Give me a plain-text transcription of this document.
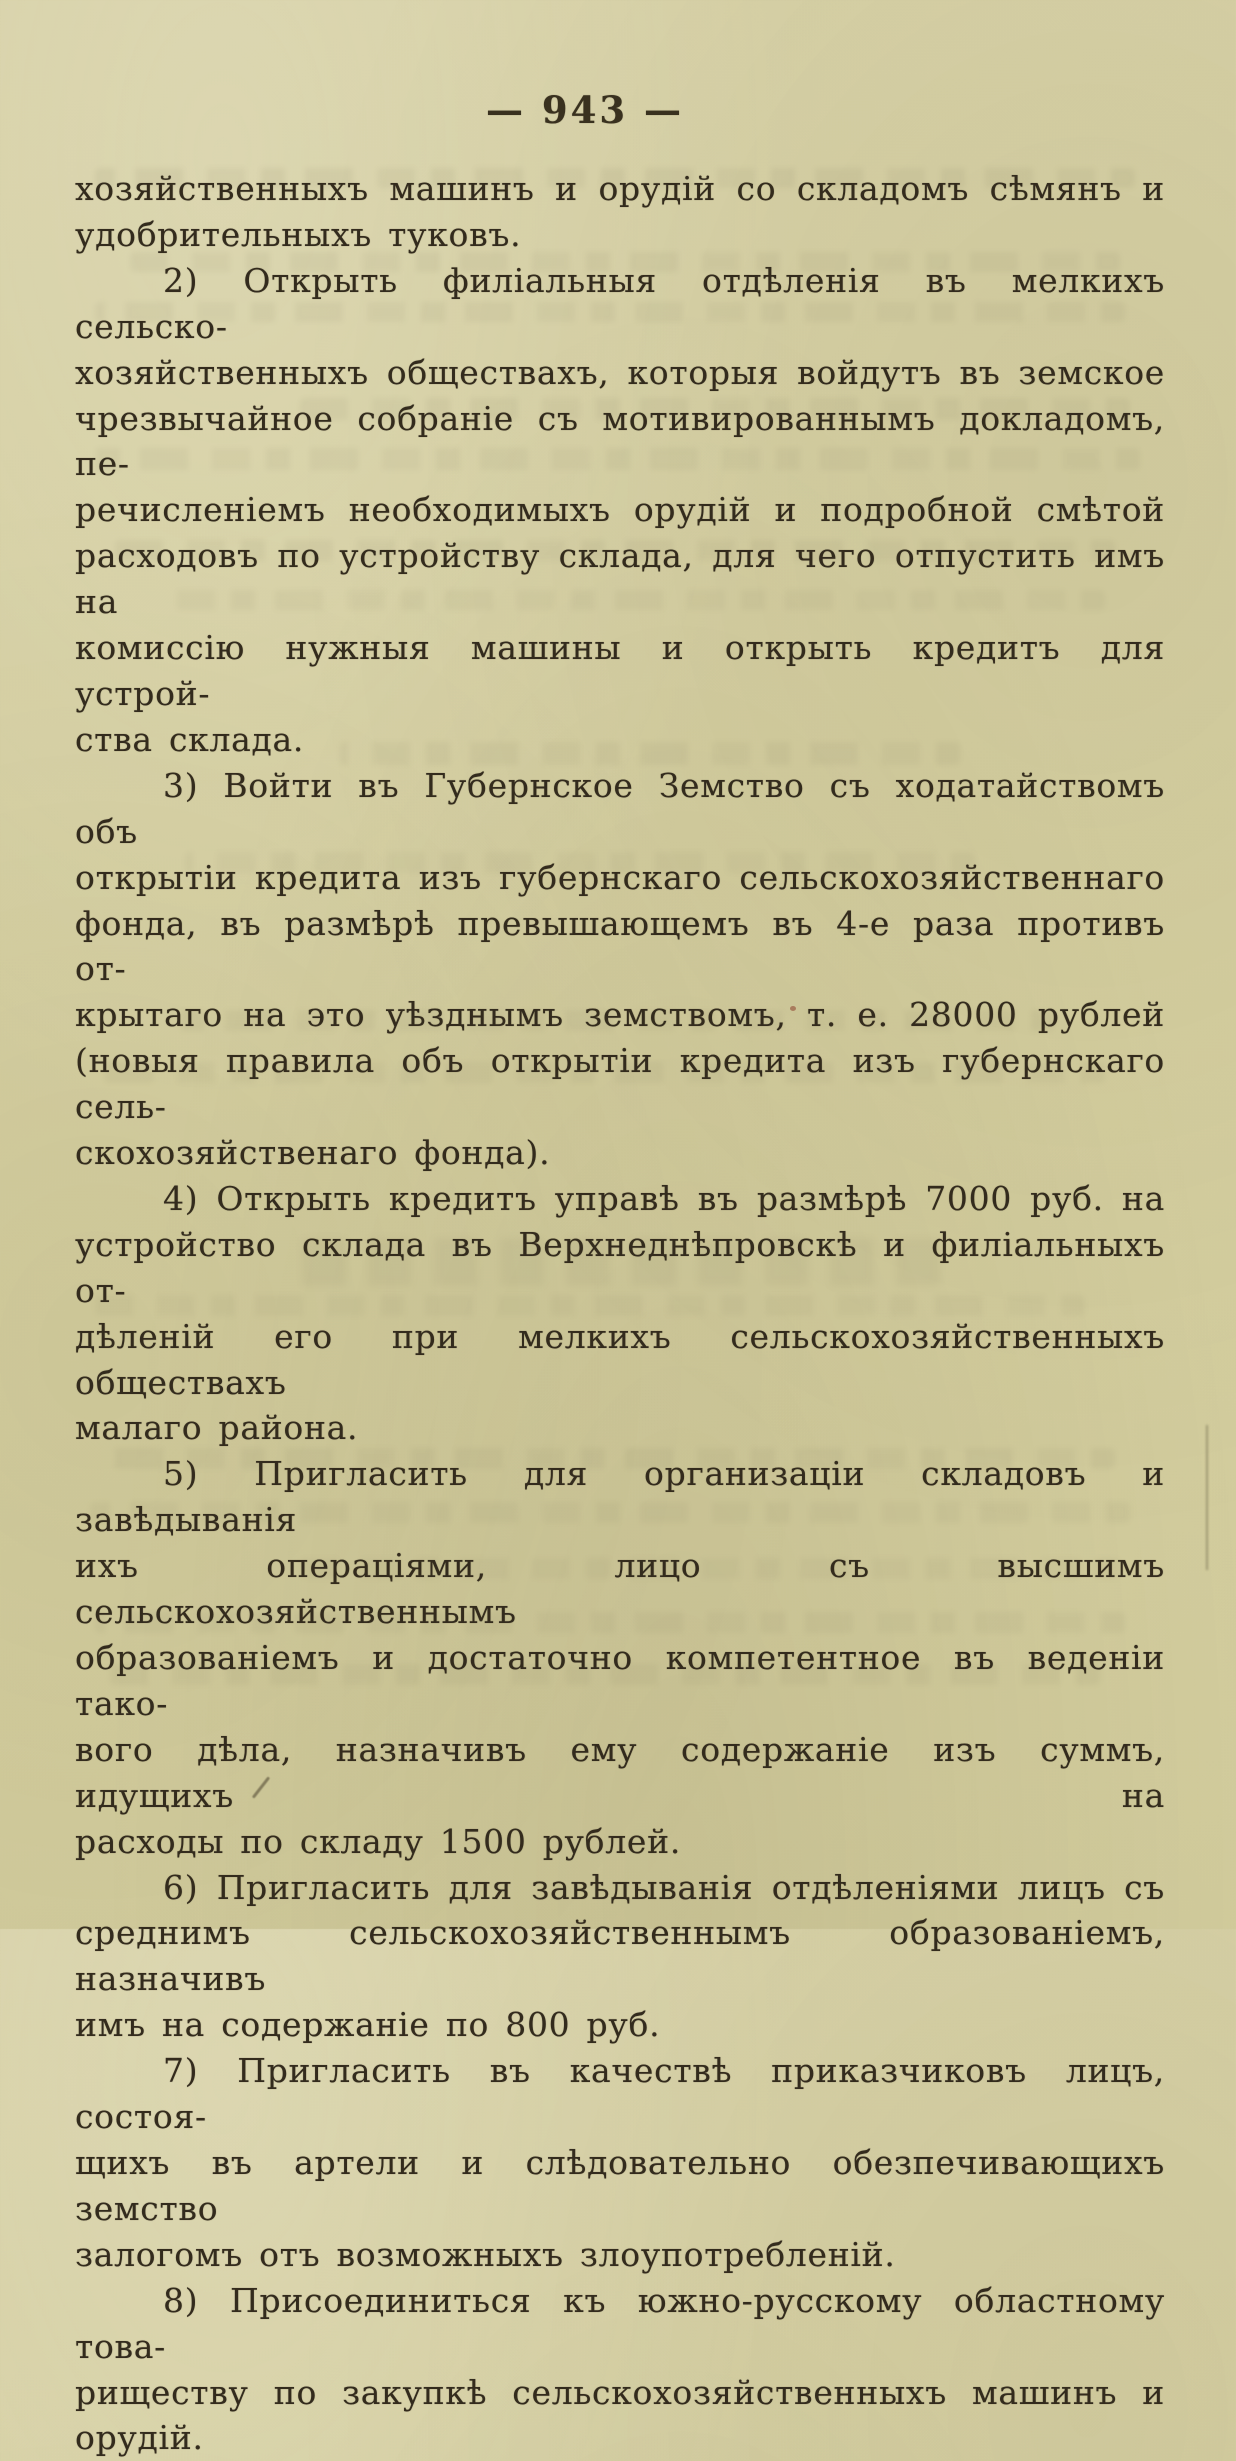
— 943 —
хозяйственныхъ машинъ и орудій со складомъ сѣмянъ и
удобрительныхъ туковъ.
2) Открыть филіальныя отдѣленія въ мелкихъ сельско-
хозяйственныхъ обществахъ, которыя войдутъ въ земское
чрезвычайное собраніе съ мотивированнымъ докладомъ, пе-
речисленіемъ необходимыхъ орудій и подробной смѣтой
расходовъ по устройству склада, для чего отпустить имъ на
комиссію нужныя машины и открыть кредитъ для устрой-
ства склада.
3) Войти въ Губернское Земство съ ходатайствомъ объ
открытіи кредита изъ губернскаго сельскохозяйственнаго
фонда, въ размѣрѣ превышающемъ въ 4-е раза противъ от-
крытаго на это уѣзднымъ земствомъ, т. е. 28000 рублей
(новыя правила объ открытіи кредита изъ губернскаго сель-
скохозяйственаго фонда).
4) Открыть кредитъ управѣ въ размѣрѣ 7000 руб. на
устройство склада въ Верхнеднѣпровскѣ и филіальныхъ от-
дѣленій его при мелкихъ сельскохозяйственныхъ обществахъ
малаго района.
5) Пригласить для организаціи складовъ и завѣдыванія
ихъ операціями, лицо съ высшимъ сельскохозяйственнымъ
образованіемъ и достаточно компетентное въ веденіи тако-
вого дѣла, назначивъ ему содержаніе изъ суммъ, идущихъ на
расходы по складу 1500 рублей.
6) Пригласить для завѣдыванія отдѣленіями лицъ съ
среднимъ сельскохозяйственнымъ образованіемъ, назначивъ
имъ на содержаніе по 800 руб.
7) Пригласить въ качествѣ приказчиковъ лицъ, состоя-
щихъ въ артели и слѣдовательно обезпечивающихъ земство
залогомъ отъ возможныхъ злоупотребленій.
8) Присоединиться къ южно-русскому областному това-
риществу по закупкѣ сельскохозяйственныхъ машинъ и
орудій.
